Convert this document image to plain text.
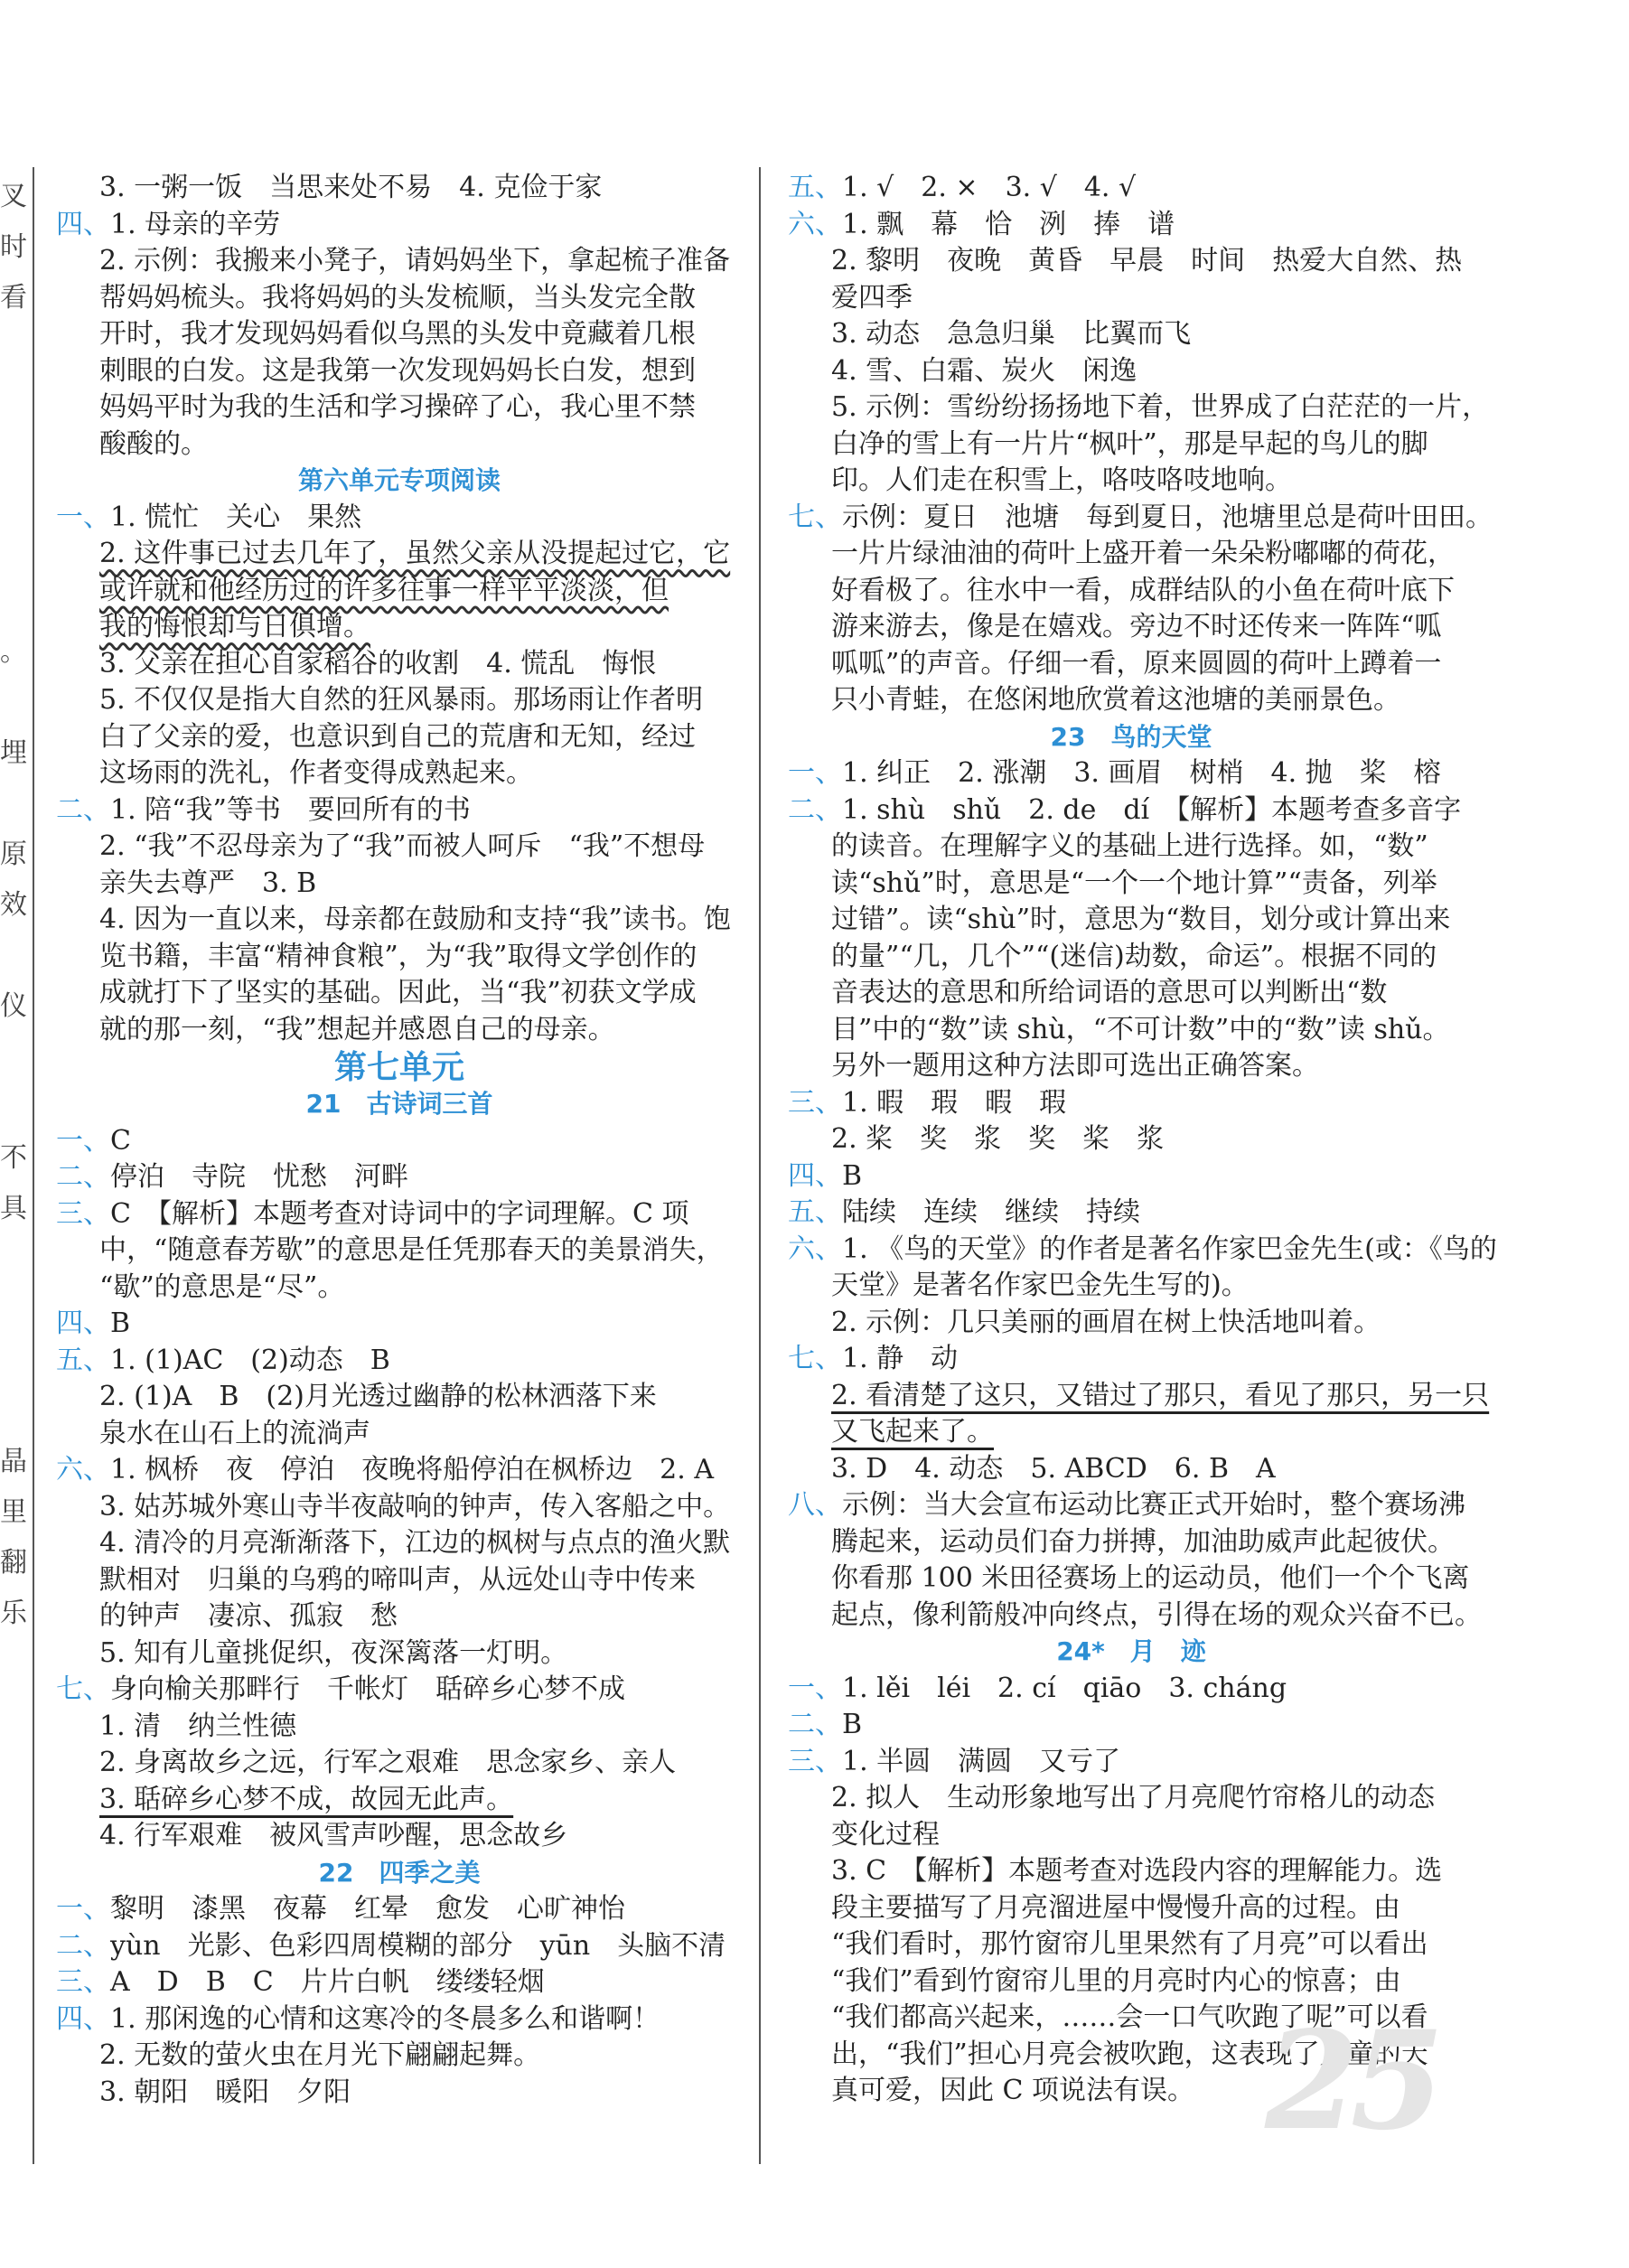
叉
时
看

。

埋

原
效

仪

不
具

晶
里
翻
乐
3. 一粥一饭　当思来处不易　4. 克俭于家
四、1. 母亲的辛劳
2. 示例：我搬来小凳子，请妈妈坐下，拿起梳子准备
帮妈妈梳头。我将妈妈的头发梳顺，当头发完全散
开时，我才发现妈妈看似乌黑的头发中竟藏着几根
刺眼的白发。这是我第一次发现妈妈长白发，想到
妈妈平时为我的生活和学习操碎了心，我心里不禁
酸酸的。
第六单元专项阅读
一、1. 慌忙　关心　果然
2. 这件事已过去几年了，虽然父亲从没提起过它，它
或许就和他经历过的许多往事一样平平淡淡，但
我的悔恨却与日俱增。
3. 父亲在担心自家稻谷的收割　4. 慌乱　悔恨
5. 不仅仅是指大自然的狂风暴雨。那场雨让作者明
白了父亲的爱，也意识到自己的荒唐和无知，经过
这场雨的洗礼，作者变得成熟起来。
二、1. 陪“我”等书　要回所有的书
2. “我”不忍母亲为了“我”而被人呵斥　“我”不想母
亲失去尊严　3. B
4. 因为一直以来，母亲都在鼓励和支持“我”读书。饱
览书籍，丰富“精神食粮”，为“我”取得文学创作的
成就打下了坚实的基础。因此，当“我”初获文学成
就的那一刻，“我”想起并感恩自己的母亲。
第七单元
21　古诗词三首
一、C
二、停泊　寺院　忧愁　河畔
三、C　【解析】本题考查对诗词中的字词理解。C 项
中，“随意春芳歇”的意思是任凭那春天的美景消失，
“歇”的意思是“尽”。
四、B
五、1. (1)AC　(2)动态　B
2. (1)A　B　(2)月光透过幽静的松林洒落下来
泉水在山石上的流淌声
六、1. 枫桥　夜　停泊　夜晚将船停泊在枫桥边　2. A
3. 姑苏城外寒山寺半夜敲响的钟声，传入客船之中。
4. 清冷的月亮渐渐落下，江边的枫树与点点的渔火默
默相对　归巢的乌鸦的啼叫声，从远处山寺中传来
的钟声　凄凉、孤寂　愁
5. 知有儿童挑促织，夜深篱落一灯明。
七、身向榆关那畔行　千帐灯　聒碎乡心梦不成
1. 清　纳兰性德
2. 身离故乡之远，行军之艰难　思念家乡、亲人
3. 聒碎乡心梦不成，故园无此声。
4. 行军艰难　被风雪声吵醒，思念故乡
22　四季之美
一、黎明　漆黑　夜幕　红晕　愈发　心旷神怡
二、yùn　光影、色彩四周模糊的部分　yūn　头脑不清
三、A　D　B　C　片片白帆　缕缕轻烟
四、1. 那闲逸的心情和这寒冷的冬晨多么和谐啊！
2. 无数的萤火虫在月光下翩翩起舞。
3. 朝阳　暖阳　夕阳
五、1. √　2. ×　3. √　4. √
六、1. 飘　幕　恰　洌　捧　谱
2. 黎明　夜晚　黄昏　早晨　时间　热爱大自然、热
爱四季
3. 动态　急急归巢　比翼而飞
4. 雪、白霜、炭火　闲逸
5. 示例：雪纷纷扬扬地下着，世界成了白茫茫的一片，
白净的雪上有一片片“枫叶”，那是早起的鸟儿的脚
印。人们走在积雪上，咯吱咯吱地响。
七、示例：夏日　池塘　每到夏日，池塘里总是荷叶田田。
一片片绿油油的荷叶上盛开着一朵朵粉嘟嘟的荷花，
好看极了。往水中一看，成群结队的小鱼在荷叶底下
游来游去，像是在嬉戏。旁边不时还传来一阵阵“呱
呱呱”的声音。仔细一看，原来圆圆的荷叶上蹲着一
只小青蛙，在悠闲地欣赏着这池塘的美丽景色。
23　鸟的天堂
一、1. 纠正　2. 涨潮　3. 画眉　树梢　4. 抛　桨　榕
二、1. shù　shǔ　2. de　dí　【解析】本题考查多音字
的读音。在理解字义的基础上进行选择。如，“数”
读“shǔ”时，意思是“一个一个地计算”“责备，列举
过错”。读“shù”时，意思为“数目，划分或计算出来
的量”“几，几个”“(迷信)劫数，命运”。根据不同的
音表达的意思和所给词语的意思可以判断出“数
目”中的“数”读 shù，“不可计数”中的“数”读 shǔ。
另外一题用这种方法即可选出正确答案。
三、1. 暇　瑕　暇　瑕
2. 桨　奖　浆　奖　桨　浆
四、B
五、陆续　连续　继续　持续
六、1. 《鸟的天堂》的作者是著名作家巴金先生(或：《鸟的
天堂》是著名作家巴金先生写的)。
2. 示例：几只美丽的画眉在树上快活地叫着。
七、1. 静　动
2. 看清楚了这只，又错过了那只，看见了那只，另一只
又飞起来了。
3. D　4. 动态　5. ABCD　6. B　A
八、示例：当大会宣布运动比赛正式开始时，整个赛场沸
腾起来，运动员们奋力拼搏，加油助威声此起彼伏。
你看那 100 米田径赛场上的运动员，他们一个个飞离
起点，像利箭般冲向终点，引得在场的观众兴奋不已。
24*　月　迹
一、1. lěi　léi　2. cí　qiāo　3. cháng
二、B
三、1. 半圆　满圆　又亏了
2. 拟人　生动形象地写出了月亮爬竹帘格儿的动态
变化过程
3. C　【解析】本题考查对选段内容的理解能力。选
段主要描写了月亮溜进屋中慢慢升高的过程。由
“我们看时，那竹窗帘儿里果然有了月亮”可以看出
“我们”看到竹窗帘儿里的月亮时内心的惊喜；由
“我们都高兴起来，……会一口气吹跑了呢”可以看
出，“我们”担心月亮会被吹跑，这表现了儿童的天
真可爱，因此 C 项说法有误。 25
